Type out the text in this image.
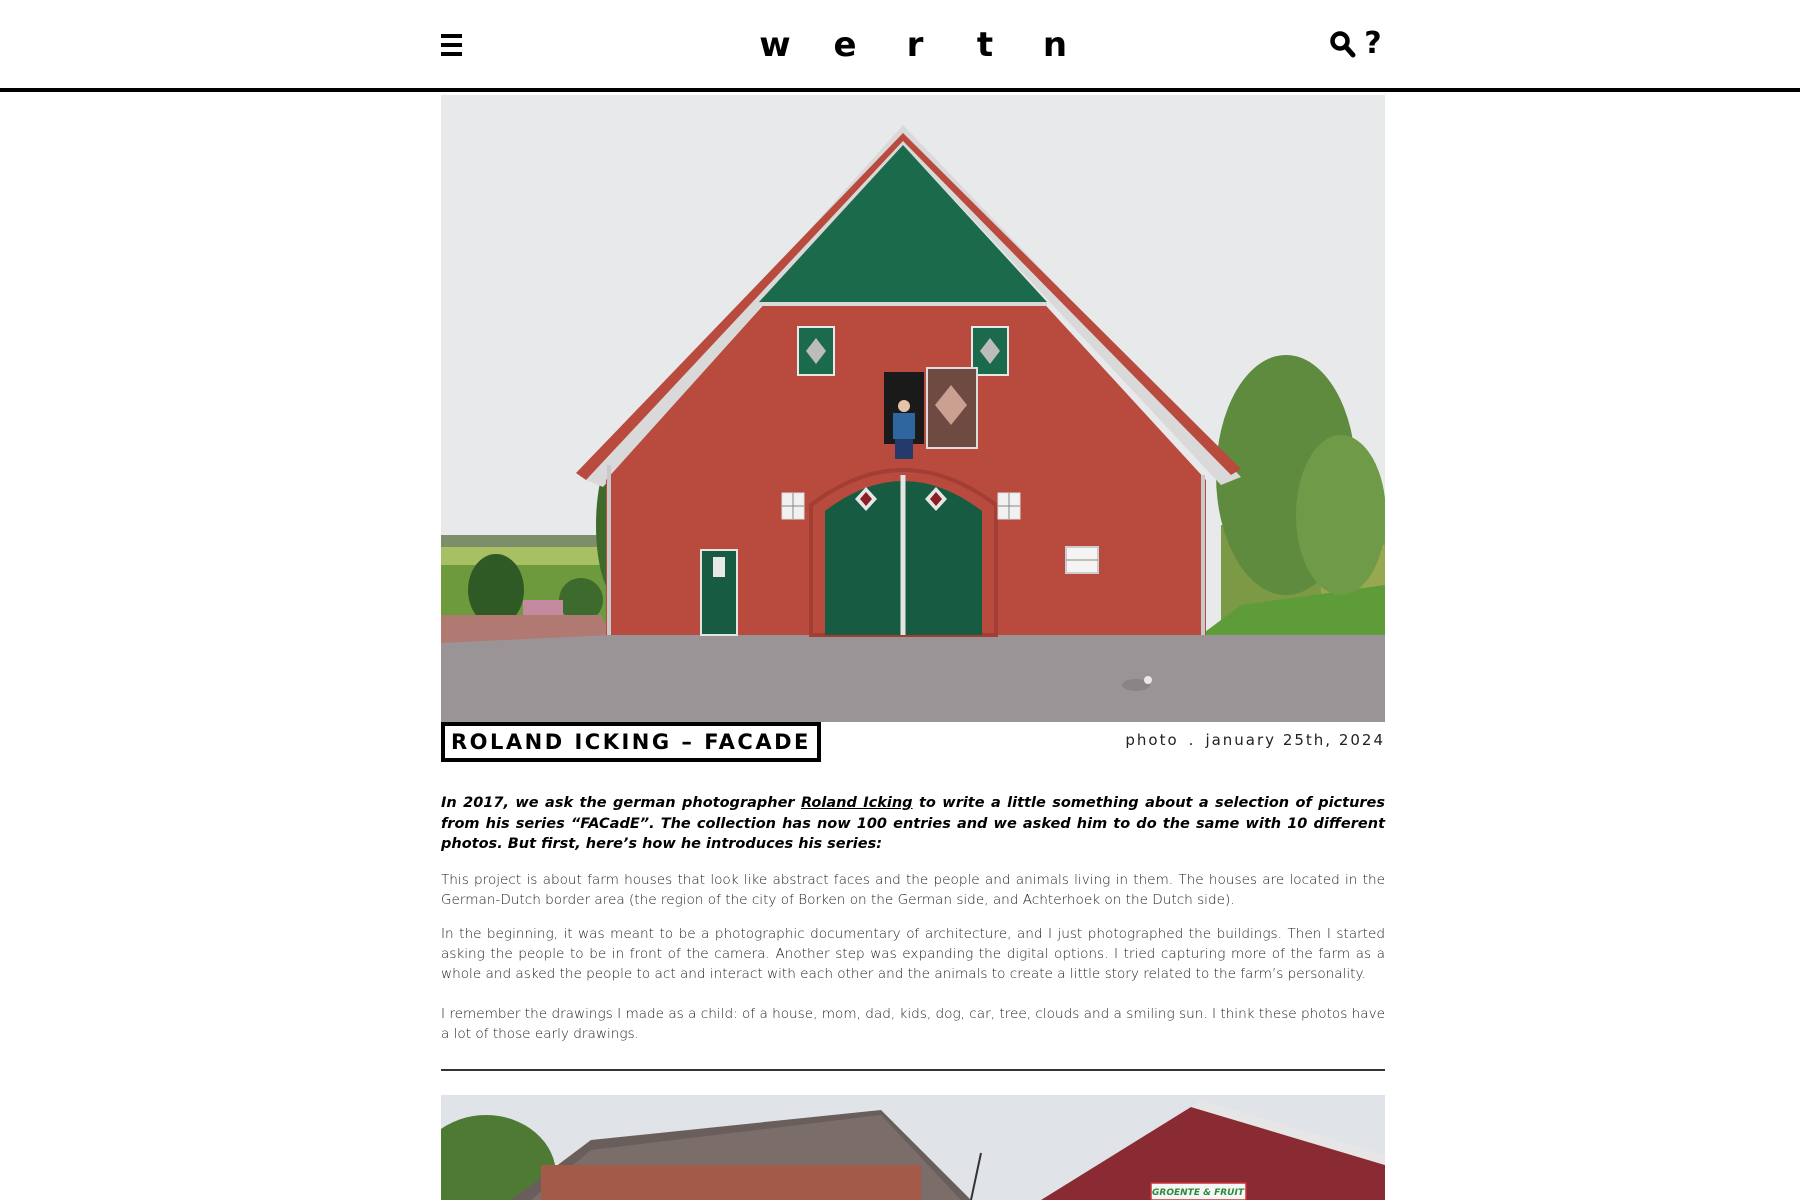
w e	r	t	n	?
ROLAND ICKING – FACADE	photo . january 25th, 2024

In 2017, we ask the german photographer Roland Icking to write a little something about a selection of pictures from his series “FACadE”. The collection has now 100 entries and we asked him to do the same with 10 different photos. But first, here’s how he introduces his series:

This project is about farm houses that look like abstract faces and the people and animals living in them. The houses are located in the German-Dutch border area (the region of the city of Borken on the German side, and Achterhoek on the Dutch side).

In the beginning, it was meant to be a photographic documentary of architecture, and I just photographed the buildings. Then I started asking the people to be in front of the camera. Another step was expanding the digital options. I tried capturing more of the farm as a whole and asked the people to act and interact with each other and the animals to create a little story related to the farm’s personality.

I remember the drawings I made as a child: of a house, mom, dad, kids, dog, car, tree, clouds and a smiling sun. I think these photos have a lot of those early drawings.

GROENTE & FRUIT
